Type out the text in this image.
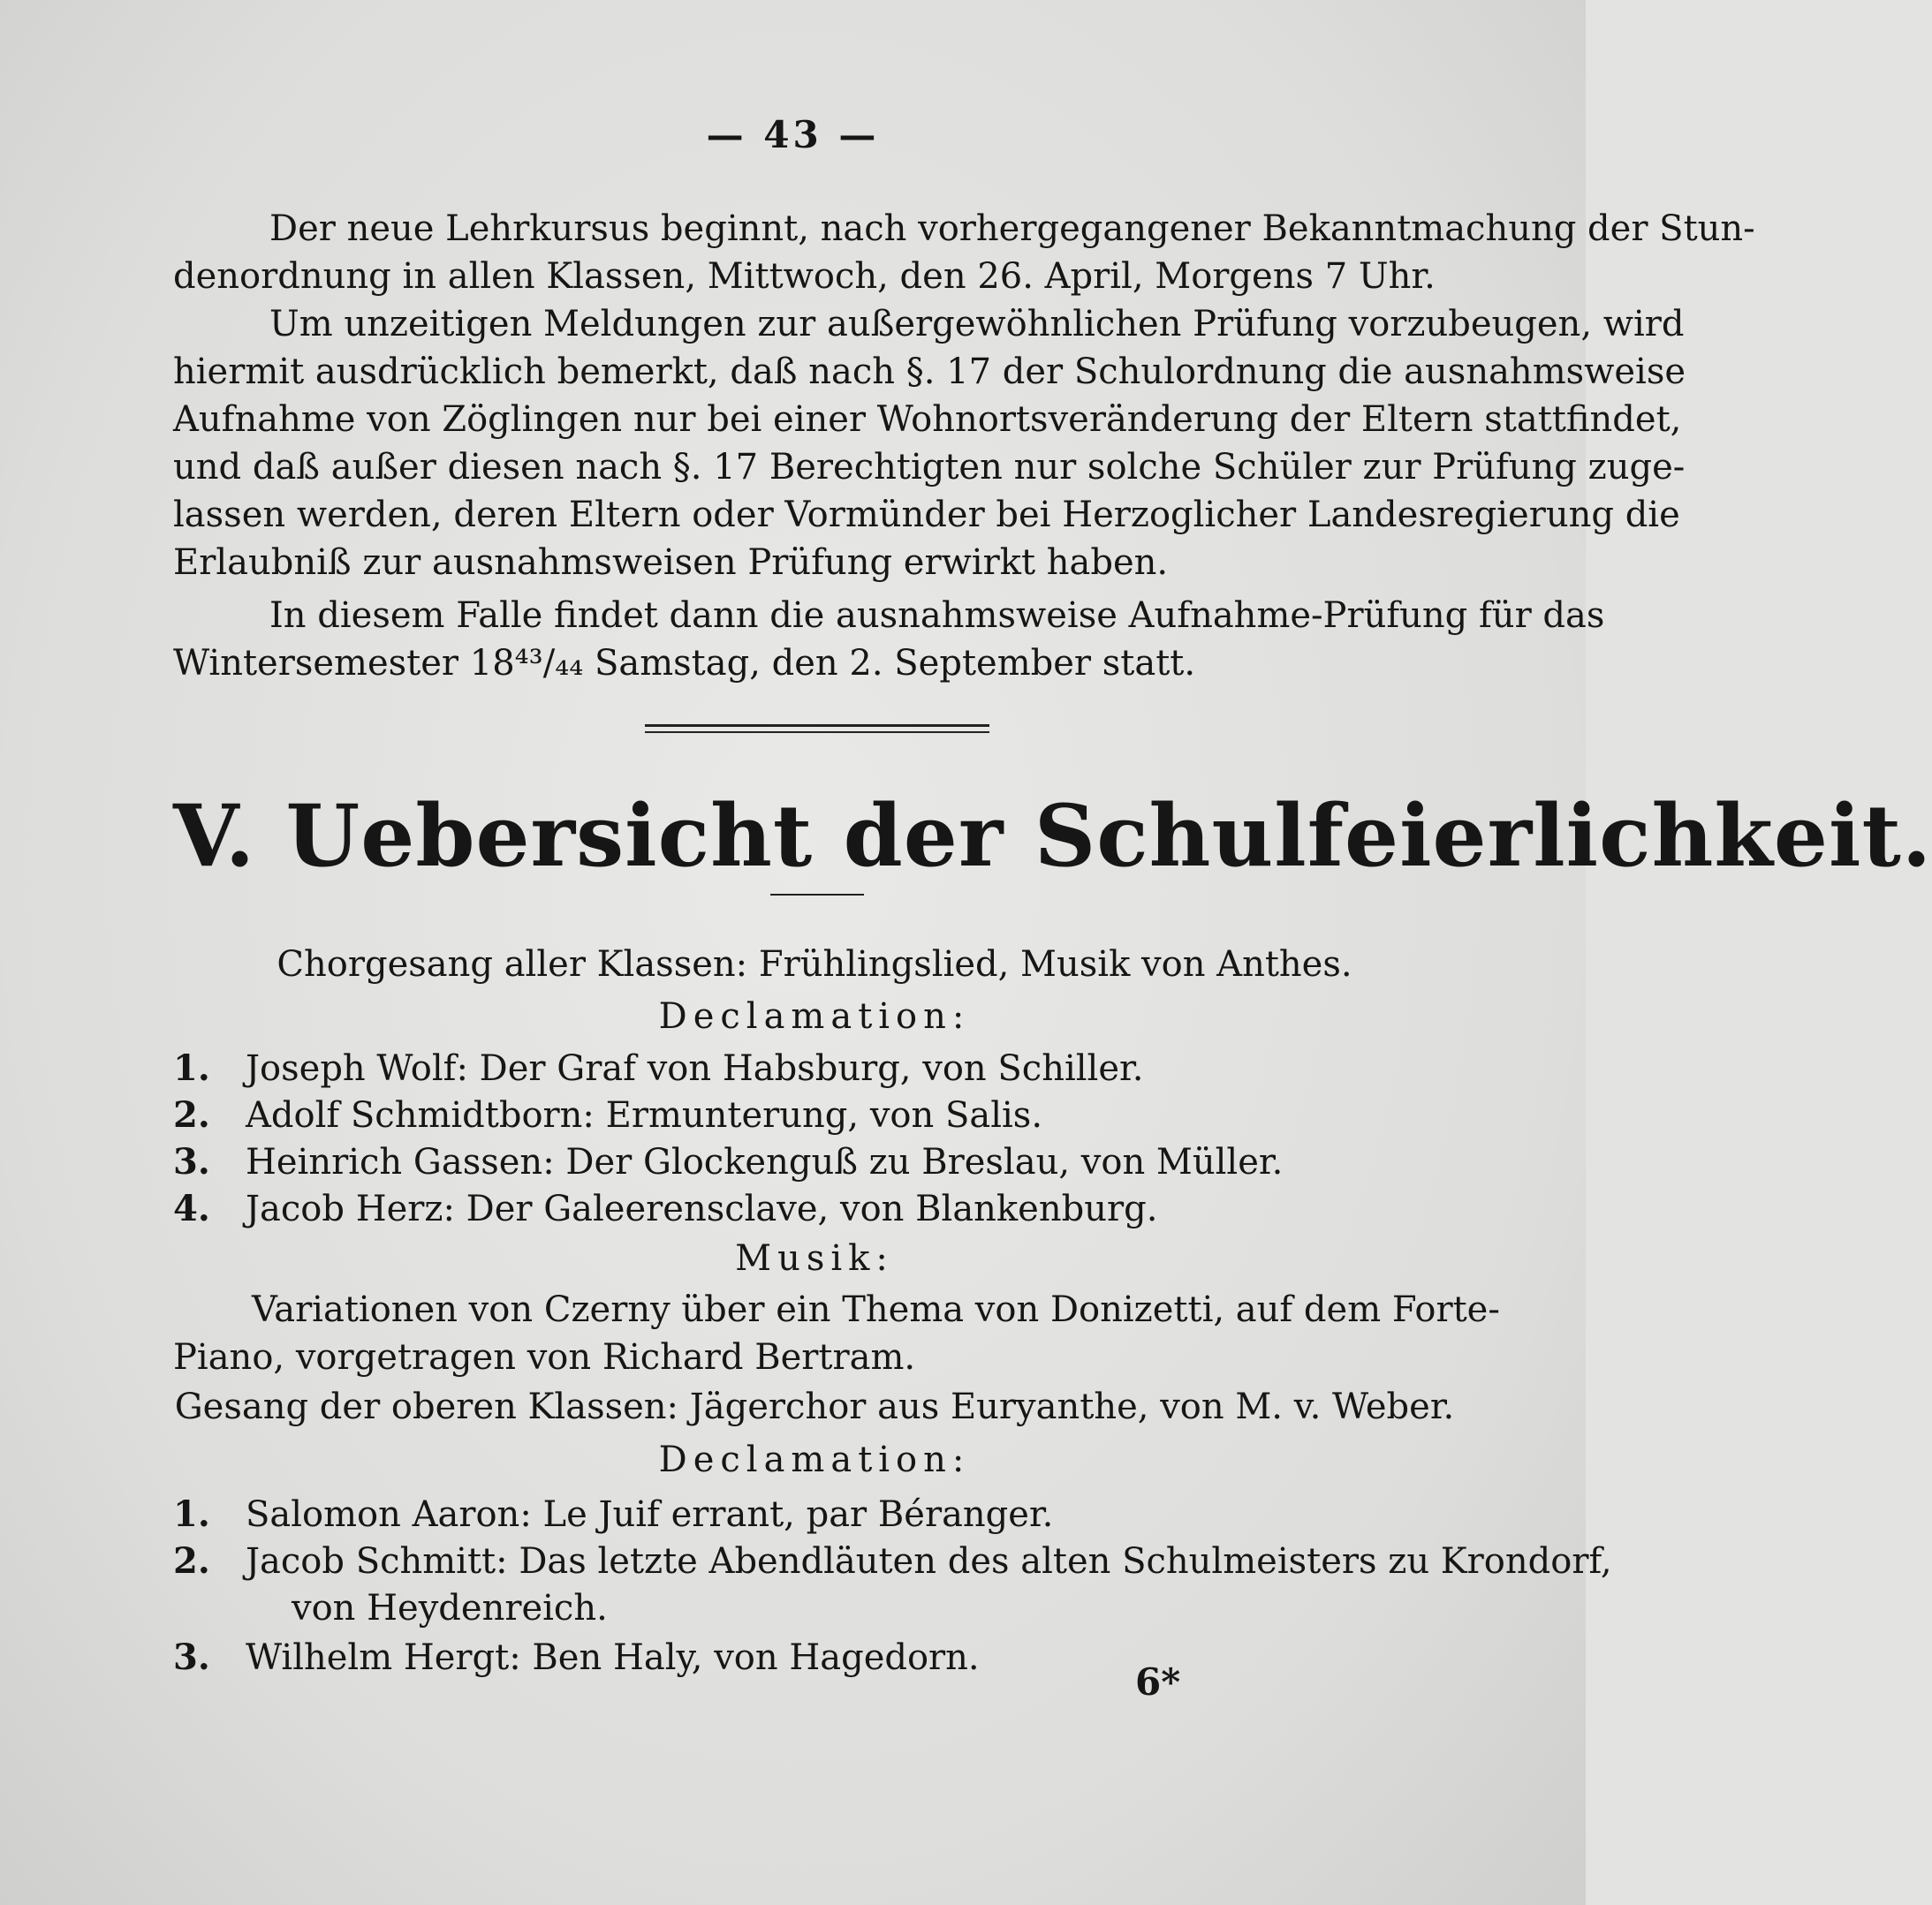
— 43 —
Der neue Lehrkursus beginnt, nach vorhergegangener Bekanntmachung der Stun-
denordnung in allen Klassen, Mittwoch, den 26. April, Morgens 7 Uhr.
Um unzeitigen Meldungen zur außergewöhnlichen Prüfung vorzubeugen, wird
hiermit ausdrücklich bemerkt, daß nach §. 17 der Schulordnung die ausnahmsweise
Aufnahme von Zöglingen nur bei einer Wohnortsveränderung der Eltern stattfindet,
und daß außer diesen nach §. 17 Berechtigten nur solche Schüler zur Prüfung zuge-
lassen werden, deren Eltern oder Vormünder bei Herzoglicher Landesregierung die
Erlaubniß zur ausnahmsweisen Prüfung erwirkt haben.
In diesem Falle findet dann die ausnahmsweise Aufnahme-Prüfung für das
Wintersemester 18⁴³/₄₄ Samstag, den 2. September statt.
V. Uebersicht der Schulfeierlichkeit.
Chorgesang aller Klassen: Frühlingslied, Musik von Anthes.
Declamation:
1. Joseph Wolf: Der Graf von Habsburg, von Schiller.
2. Adolf Schmidtborn: Ermunterung, von Salis.
3. Heinrich Gassen: Der Glockenguß zu Breslau, von Müller.
4. Jacob Herz: Der Galeerensclave, von Blankenburg.
Musik:
Variationen von Czerny über ein Thema von Donizetti, auf dem Forte-
Piano, vorgetragen von Richard Bertram.
Gesang der oberen Klassen: Jägerchor aus Euryanthe, von M. v. Weber.
Declamation:
1. Salomon Aaron: Le Juif errant, par Béranger.
2. Jacob Schmitt: Das letzte Abendläuten des alten Schulmeisters zu Krondorf,
von Heydenreich.
3. Wilhelm Hergt: Ben Haly, von Hagedorn.
6*
